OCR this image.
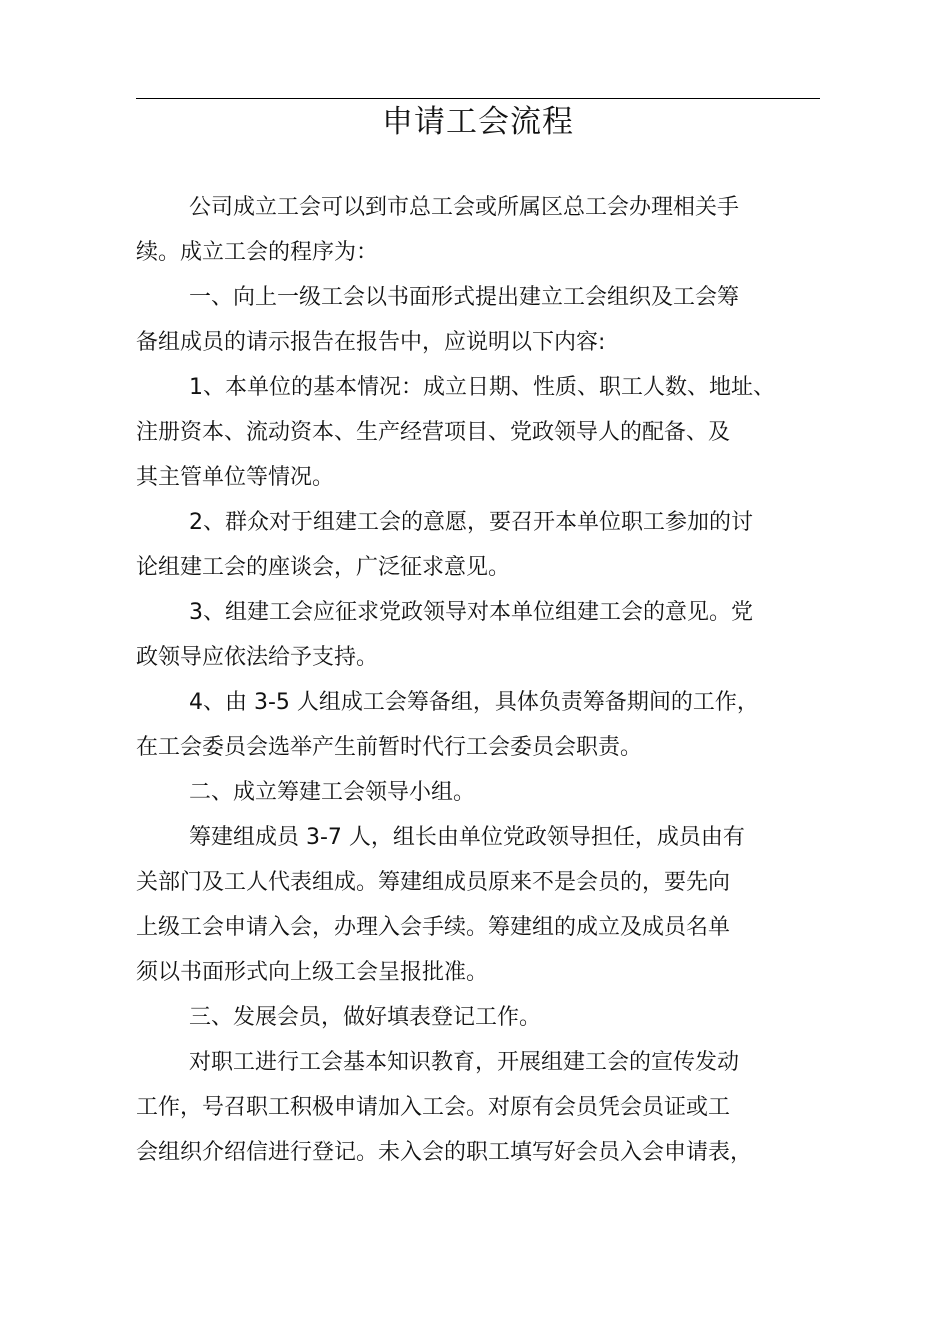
申请工会流程
公司成立工会可以到市总工会或所属区总工会办理相关手
续。成立工会的程序为：
一、向上一级工会以书面形式提出建立工会组织及工会筹
备组成员的请示报告在报告中，应说明以下内容:
1、本单位的基本情况：成立日期、性质、职工人数、地址、
注册资本、流动资本、生产经营项目、党政领导人的配备、及
其主管单位等情况。
2、群众对于组建工会的意愿，要召开本单位职工参加的讨
论组建工会的座谈会，广泛征求意见。
3、组建工会应征求党政领导对本单位组建工会的意见。党
政领导应依法给予支持。
4、由 3-5 人组成工会筹备组，具体负责筹备期间的工作，
在工会委员会选举产生前暂时代行工会委员会职责。
二、成立筹建工会领导小组。
筹建组成员 3-7 人，组长由单位党政领导担任，成员由有
关部门及工人代表组成。筹建组成员原来不是会员的，要先向
上级工会申请入会，办理入会手续。筹建组的成立及成员名单
须以书面形式向上级工会呈报批准。
三、发展会员，做好填表登记工作。
对职工进行工会基本知识教育，开展组建工会的宣传发动
工作，号召职工积极申请加入工会。对原有会员凭会员证或工
会组织介绍信进行登记。未入会的职工填写好会员入会申请表，
